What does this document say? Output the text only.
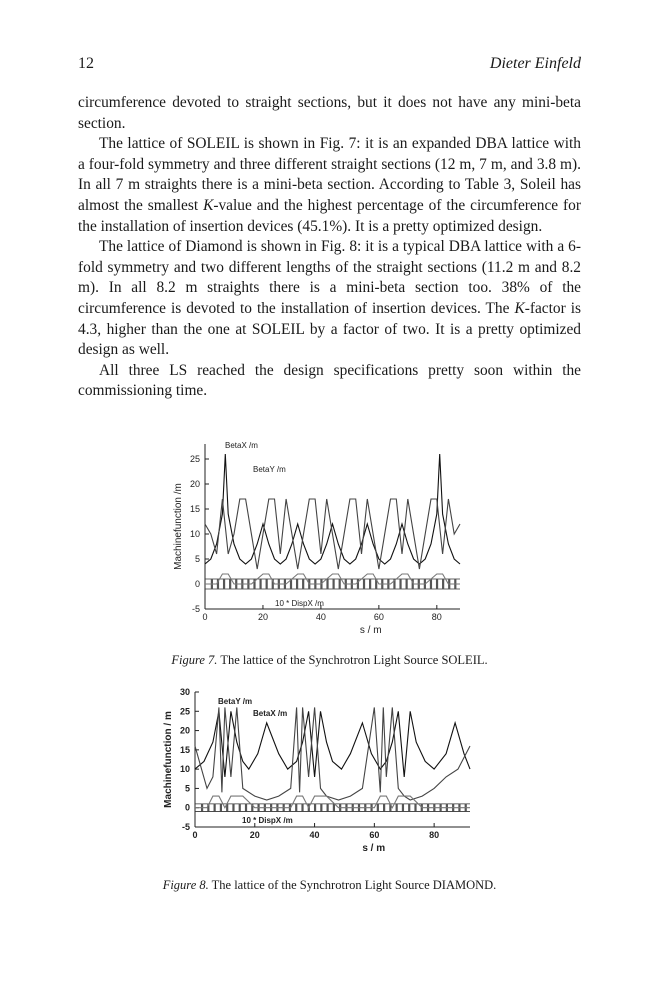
12	Dieter Einfeld

circumference devoted to straight sections, but it does not have any mini-beta section.

The lattice of SOLEIL is shown in Fig. 7: it is an expanded DBA lattice with a four-fold symmetry and three different straight sections (12 m, 7 m, and 3.8 m). In all 7 m straights there is a mini-beta section. According to Table 3, Soleil has almost the smallest K-value and the highest percentage of the circumference for the installation of insertion devices (45.1%). It is a pretty optimized design.

The lattice of Diamond is shown in Fig. 8: it is a typical DBA lattice with a 6-fold symmetry and two different lengths of the straight sections (11.2 m and 8.2 m). In all 8.2 m straights there is a mini-beta section too. 38% of the circumference is devoted to the installation of insertion devices. The K-factor is 4.3, higher than the one at SOLEIL by a factor of two. It is a pretty optimized design as well.

All three LS reached the design specifications pretty soon within the commissioning time.

-5
0
5
10
15
20
25
0	20	40	60	80
s / m
Machinefunction /m
BetaX /m
BetaY /m
10 * DispX /m
Figure 7. The lattice of the Synchrotron Light Source SOLEIL.
-5
0
5
10
15
20
25
30
0	20	40	60	80
s / m
Machinefunction / m
BetaY /m
BetaX /m
10 * DispX /m
Figure 8. The lattice of the Synchrotron Light Source DIAMOND.
